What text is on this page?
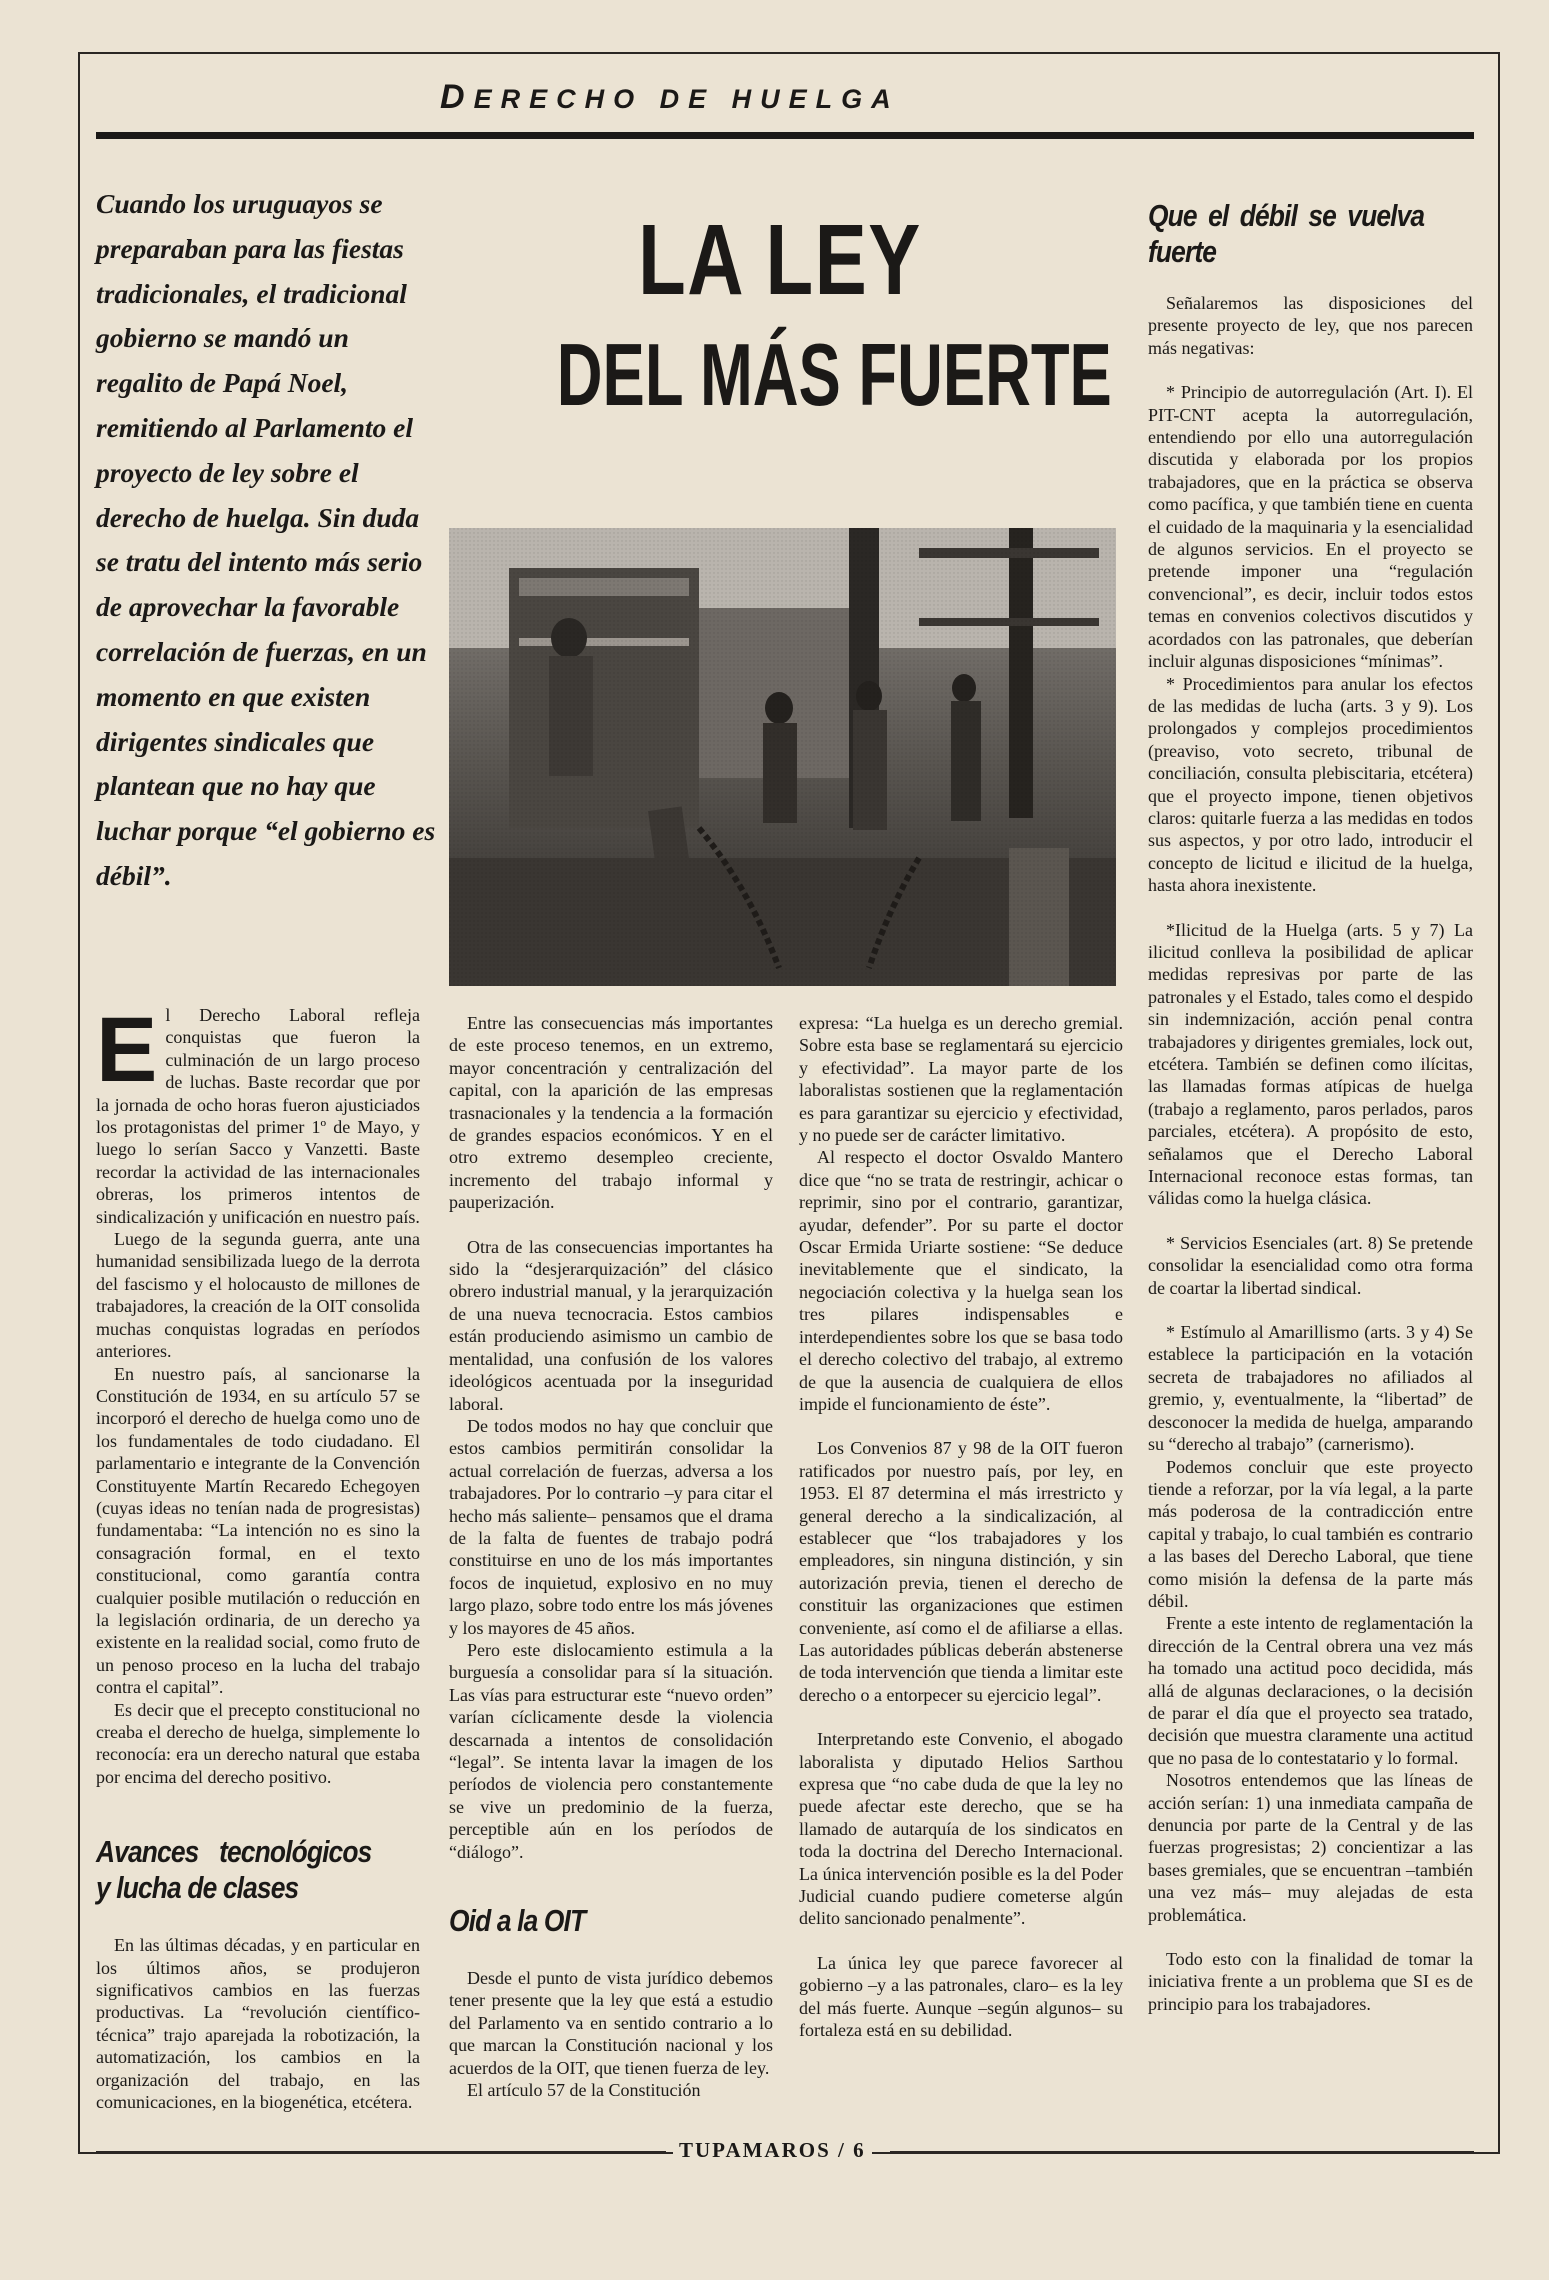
DERECHO DE HUELGA

Cuando los uruguayos se preparaban para las fiestas tradicionales, el tradicional gobierno se mandó un regalito de Papá Noel, remitiendo al Parlamento el proyecto de ley sobre el derecho de huelga. Sin duda se tratu del intento más serio de aprovechar la favorable correlación de fuerzas, en un momento en que existen dirigentes sindicales que plantean que no hay que luchar porque “el gobierno es débil”.

LA LEY
DEL MÁS FUERTE

El Derecho Laboral refleja conquistas que fueron la culminación de un largo proceso de luchas. Baste recordar que por la jornada de ocho horas fueron ajusticiados los protagonistas del primer 1º de Mayo, y luego lo serían Sacco y Vanzetti. Baste recordar la actividad de las internacionales obreras, los primeros intentos de sindicalización y unificación en nuestro país.

Luego de la segunda guerra, ante una humanidad sensibilizada luego de la derrota del fascismo y el holocausto de millones de trabajadores, la creación de la OIT consolida muchas conquistas logradas en períodos anteriores.

En nuestro país, al sancionarse la Constitución de 1934, en su artículo 57 se incorporó el derecho de huelga como uno de los fundamentales de todo ciudadano. El parlamentario e integrante de la Convención Constituyente Martín Recaredo Echegoyen (cuyas ideas no tenían nada de progresistas) fundamentaba: “La intención no es sino la consagración formal, en el texto constitucional, como garantía contra cualquier posible mutilación o reducción en la legislación ordinaria, de un derecho ya existente en la realidad social, como fruto de un penoso proceso en la lucha del trabajo contra el capital”.

Es decir que el precepto constitucional no creaba el derecho de huelga, simplemente lo reconocía: era un derecho natural que estaba por encima del derecho positivo.

Avances tecnológicos y lucha de clases

En las últimas décadas, y en particular en los últimos años, se produjeron significativos cambios en las fuerzas productivas. La “revolución científico-técnica” trajo aparejada la robotización, la automatización, los cambios en la organización del trabajo, en las comunicaciones, en la biogenética, etcétera.

Entre las consecuencias más importantes de este proceso tenemos, en un extremo, mayor concentración y centralización del capital, con la aparición de las empresas trasnacionales y la tendencia a la formación de grandes espacios económicos. Y en el otro extremo desempleo creciente, incremento del trabajo informal y pauperización.

Otra de las consecuencias importantes ha sido la “desjerarquización” del clásico obrero industrial manual, y la jerarquización de una nueva tecnocracia. Estos cambios están produciendo asimismo un cambio de mentalidad, una confusión de los valores ideológicos acentuada por la inseguridad laboral.

De todos modos no hay que concluir que estos cambios permitirán consolidar la actual correlación de fuerzas, adversa a los trabajadores. Por lo contrario –y para citar el hecho más saliente– pensamos que el drama de la falta de fuentes de trabajo podrá constituirse en uno de los más importantes focos de inquietud, explosivo en no muy largo plazo, sobre todo entre los más jóvenes y los mayores de 45 años.

Pero este dislocamiento estimula a la burguesía a consolidar para sí la situación. Las vías para estructurar este “nuevo orden” varían cíclicamente desde la violencia descarnada a intentos de consolidación “legal”. Se intenta lavar la imagen de los períodos de violencia pero constantemente se vive un predominio de la fuerza, perceptible aún en los períodos de “diálogo”.

Oid a la OIT

Desde el punto de vista jurídico debemos tener presente que la ley que está a estudio del Parlamento va en sentido contrario a lo que marcan la Constitución nacional y los acuerdos de la OIT, que tienen fuerza de ley.

El artículo 57 de la Constitución

expresa: “La huelga es un derecho gremial. Sobre esta base se reglamentará su ejercicio y efectividad”. La mayor parte de los laboralistas sostienen que la reglamentación es para garantizar su ejercicio y efectividad, y no puede ser de carácter limitativo.

Al respecto el doctor Osvaldo Mantero dice que “no se trata de restringir, achicar o reprimir, sino por el contrario, garantizar, ayudar, defender”. Por su parte el doctor Oscar Ermida Uriarte sostiene: “Se deduce inevitablemente que el sindicato, la negociación colectiva y la huelga sean los tres pilares indispensables e interdependientes sobre los que se basa todo el derecho colectivo del trabajo, al extremo de que la ausencia de cualquiera de ellos impide el funcionamiento de éste”.

Los Convenios 87 y 98 de la OIT fueron ratificados por nuestro país, por ley, en 1953. El 87 determina el más irrestricto y general derecho a la sindicalización, al establecer que “los trabajadores y los empleadores, sin ninguna distinción, y sin autorización previa, tienen el derecho de constituir las organizaciones que estimen conveniente, así como el de afiliarse a ellas. Las autoridades públicas deberán abstenerse de toda intervención que tienda a limitar este derecho o a entorpecer su ejercicio legal”.

Interpretando este Convenio, el abogado laboralista y diputado Helios Sarthou expresa que “no cabe duda de que la ley no puede afectar este derecho, que se ha llamado de autarquía de los sindicatos en toda la doctrina del Derecho Internacional. La única intervención posible es la del Poder Judicial cuando pudiere cometerse algún delito sancionado penalmente”.

La única ley que parece favorecer al gobierno –y a las patronales, claro– es la ley del más fuerte. Aunque –según algunos– su fortaleza está en su debilidad.

Que el débil se vuelva fuerte

Señalaremos las disposiciones del presente proyecto de ley, que nos parecen más negativas:

* Principio de autorregulación (Art. I). El PIT-CNT acepta la autorregulación, entendiendo por ello una autorregulación discutida y elaborada por los propios trabajadores, que en la práctica se observa como pacífica, y que también tiene en cuenta el cuidado de la maquinaria y la esencialidad de algunos servicios. En el proyecto se pretende imponer una “regulación convencional”, es decir, incluir todos estos temas en convenios colectivos discutidos y acordados con las patronales, que deberían incluir algunas disposiciones “mínimas”.

* Procedimientos para anular los efectos de las medidas de lucha (arts. 3 y 9). Los prolongados y complejos procedimientos (preaviso, voto secreto, tribunal de conciliación, consulta plebiscitaria, etcétera) que el proyecto impone, tienen objetivos claros: quitarle fuerza a las medidas en todos sus aspectos, y por otro lado, introducir el concepto de licitud e ilicitud de la huelga, hasta ahora inexistente.

*Ilicitud de la Huelga (arts. 5 y 7) La ilicitud conlleva la posibilidad de aplicar medidas represivas por parte de las patronales y el Estado, tales como el despido sin indemnización, acción penal contra trabajadores y dirigentes gremiales, lock out, etcétera. También se definen como ilícitas, las llamadas formas atípicas de huelga (trabajo a reglamento, paros perlados, paros parciales, etcétera). A propósito de esto, señalamos que el Derecho Laboral Internacional reconoce estas formas, tan válidas como la huelga clásica.

* Servicios Esenciales (art. 8) Se pretende consolidar la esencialidad como otra forma de coartar la libertad sindical.

* Estímulo al Amarillismo (arts. 3 y 4) Se establece la participación en la votación secreta de trabajadores no afiliados al gremio, y, eventualmente, la “libertad” de desconocer la medida de huelga, amparando su “derecho al trabajo” (carnerismo).

Podemos concluir que este proyecto tiende a reforzar, por la vía legal, a la parte más poderosa de la contradicción entre capital y trabajo, lo cual también es contrario a las bases del Derecho Laboral, que tiene como misión la defensa de la parte más débil.

Frente a este intento de reglamentación la dirección de la Central obrera una vez más ha tomado una actitud poco decidida, más allá de algunas declaraciones, o la decisión de parar el día que el proyecto sea tratado, decisión que muestra claramente una actitud que no pasa de lo contestatario y lo formal.

Nosotros entendemos que las líneas de acción serían: 1) una inmediata campaña de denuncia por parte de la Central y de las fuerzas progresistas; 2) concientizar a las bases gremiales, que se encuentran –también una vez más– muy alejadas de esta problemática.

Todo esto con la finalidad de tomar la iniciativa frente a un problema que SI es de principio para los trabajadores.

TUPAMAROS / 6
